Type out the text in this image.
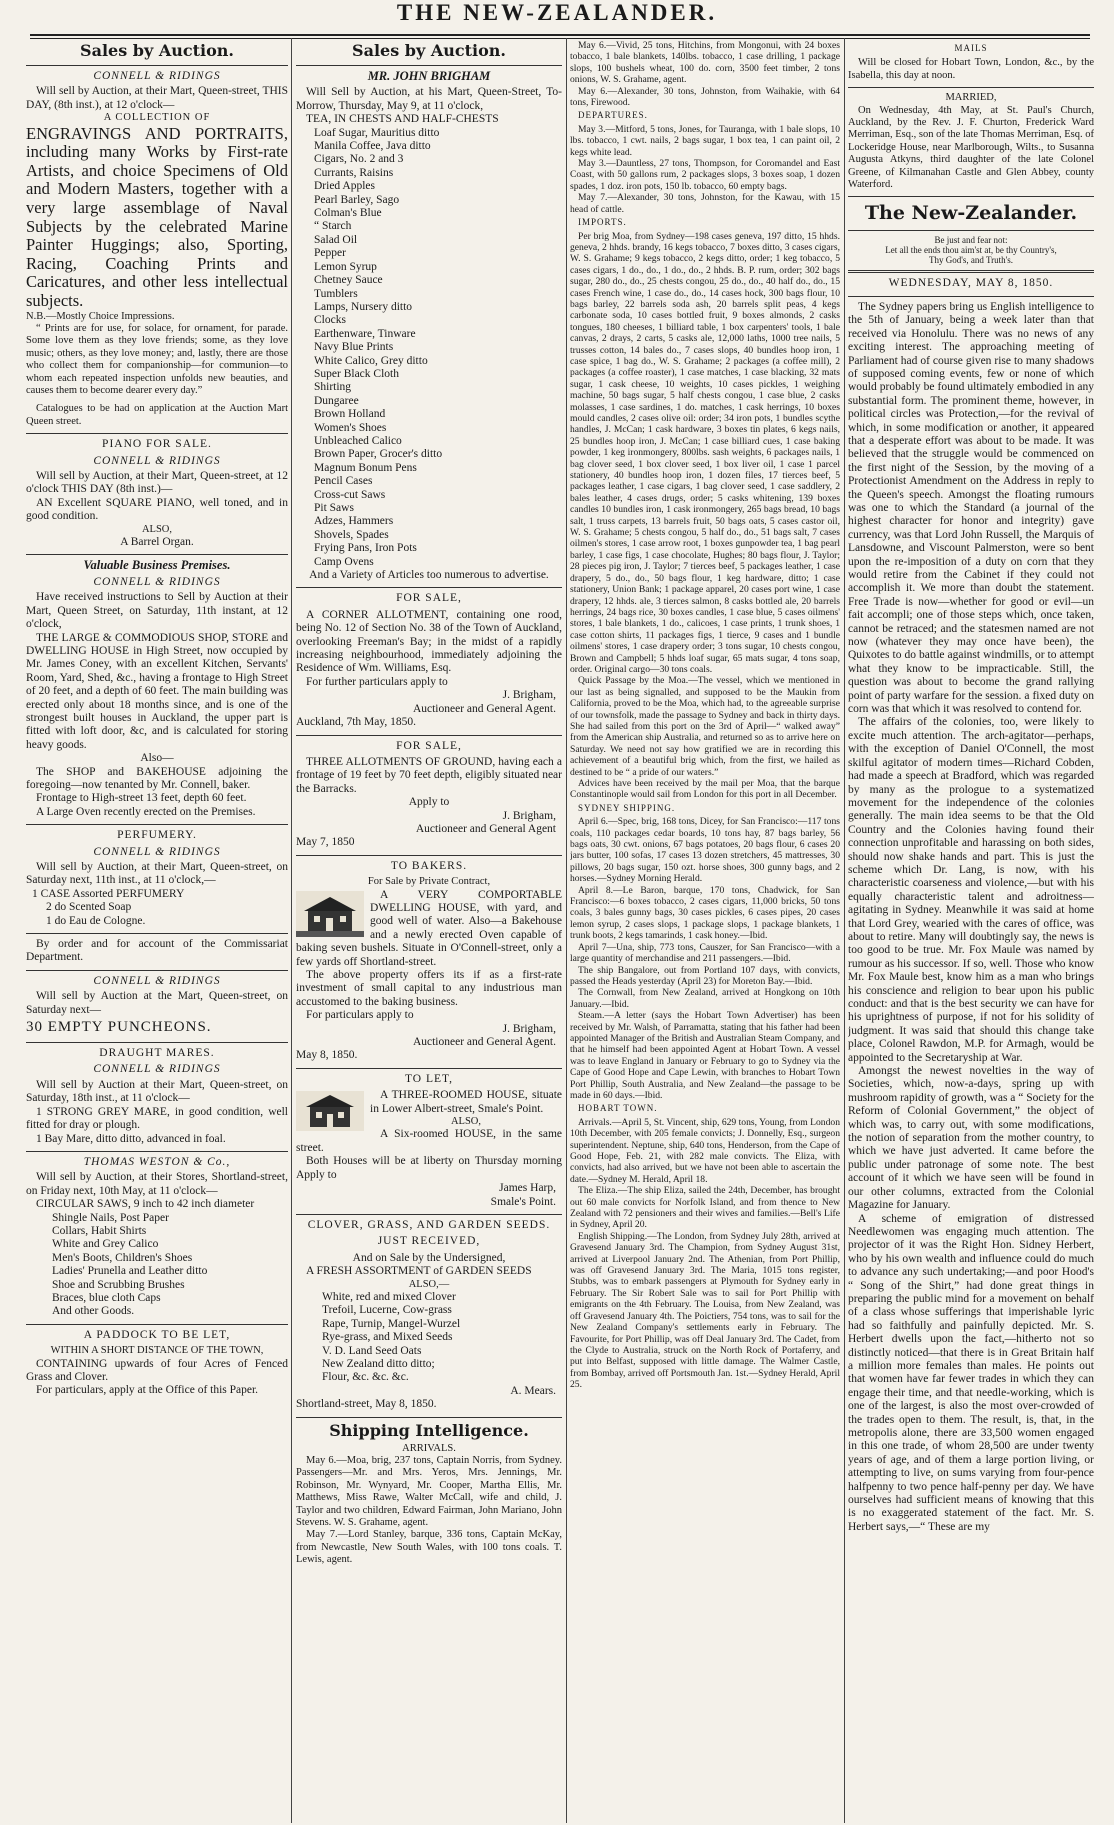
THE NEW-ZEALANDER.
Sales by Auction.

CONNELL & RIDINGS

Will sell by Auction, at their Mart, Queen-street, THIS DAY, (8th inst.), at 12 o'clock—

A COLLECTION OF

ENGRAVINGS AND PORTRAITS, including many Works by First-rate Artists, and choice Specimens of Old and Modern Masters, together with a very large assemblage of Naval Subjects by the celebrated Marine Painter Huggings; also, Sporting, Racing, Coaching Prints and Caricatures, and other less intellectual subjects.

N.B.—Mostly Choice Impressions.

“ Prints are for use, for solace, for ornament, for parade. Some love them as they love friends; some, as they love music; others, as they love money; and, lastly, there are those who collect them for companionship—for communion—to whom each repeated inspection unfolds new beauties, and causes them to become dearer every day.”

Catalogues to be had on application at the Auction Mart Queen street.

PIANO FOR SALE.

CONNELL & RIDINGS

Will sell by Auction, at their Mart, Queen-street, at 12 o'clock THIS DAY (8th inst.)—

AN Excellent SQUARE PIANO, well toned, and in good condition.

ALSO,

A Barrel Organ.

Valuable Business Premises.

CONNELL & RIDINGS

Have received instructions to Sell by Auction at their Mart, Queen Street, on Saturday, 11th instant, at 12 o'clock,

THE LARGE & COMMODIOUS SHOP, STORE and DWELLING HOUSE in High Street, now occupied by Mr. James Coney, with an excellent Kitchen, Servants' Room, Yard, Shed, &c., having a frontage to High Street of 20 feet, and a depth of 60 feet. The main building was erected only about 18 months since, and is one of the strongest built houses in Auckland, the upper part is fitted with loft door, &c, and is calculated for storing heavy goods.

Also—

The SHOP and BAKEHOUSE adjoining the foregoing—now tenanted by Mr. Connell, baker.

Frontage to High-street 13 feet, depth 60 feet.

A Large Oven recently erected on the Premises.

PERFUMERY.

CONNELL & RIDINGS

Will sell by Auction, at their Mart, Queen-street, on Saturday next, 11th inst., at 11 o'clock,—

1 CASE Assorted PERFUMERY

2 do Scented Soap

1 do Eau de Cologne.

By order and for account of the Commissariat Department.

CONNELL & RIDINGS

Will sell by Auction at the Mart, Queen-street, on Saturday next—

30 EMPTY PUNCHEONS.

DRAUGHT MARES.

CONNELL & RIDINGS

Will sell by Auction at their Mart, Queen-street, on Saturday, 18th inst., at 11 o'clock—

1 STRONG GREY MARE, in good condition, well fitted for dray or plough.

1 Bay Mare, ditto ditto, advanced in foal.

THOMAS WESTON & Co.,

Will sell by Auction, at their Stores, Shortland-street, on Friday next, 10th May, at 11 o'clock—

CIRCULAR SAWS, 9 inch to 42 inch diameter

Shingle Nails, Post Paper
Collars, Habit Shirts
White and Grey Calico
Men's Boots, Children's Shoes
Ladies' Prunella and Leather ditto
Shoe and Scrubbing Brushes
Braces, blue cloth Caps
And other Goods.

A PADDOCK TO BE LET,

WITHIN A SHORT DISTANCE OF THE TOWN,

CONTAINING upwards of four Acres of Fenced Grass and Clover.

For particulars, apply at the Office of this Paper.

Sales by Auction.

MR. JOHN BRIGHAM

Will Sell by Auction, at his Mart, Queen-Street, To-Morrow, Thursday, May 9, at 11 o'clock,

TEA, IN CHESTS AND HALF-CHESTS

Loaf Sugar, Mauritius ditto
Manila Coffee, Java ditto
Cigars, No. 2 and 3
Currants, Raisins
Dried Apples
Pearl Barley, Sago
Colman's Blue
“ Starch
Salad Oil
Pepper
Lemon Syrup
Chetney Sauce
Tumblers
Lamps, Nursery ditto
Clocks
Earthenware, Tinware
Navy Blue Prints
White Calico, Grey ditto
Super Black Cloth
Shirting
Dungaree
Brown Holland
Women's Shoes
Unbleached Calico
Brown Paper, Grocer's ditto
Magnum Bonum Pens
Pencil Cases
Cross-cut Saws
Pit Saws
Adzes, Hammers
Shovels, Spades
Frying Pans, Iron Pots
Camp Ovens

And a Variety of Articles too numerous to advertise.

FOR SALE,

A CORNER ALLOTMENT, containing one rood, being No. 12 of Section No. 38 of the Town of Auckland, overlooking Freeman's Bay; in the midst of a rapidly increasing neighbourhood, immediately adjoining the Residence of Wm. Williams, Esq.

For further particulars apply to

J. Brigham,

Auctioneer and General Agent.

Auckland, 7th May, 1850.

FOR SALE,

THREE ALLOTMENTS OF GROUND, having each a frontage of 19 feet by 70 feet depth, eligibly situated near the Barracks.

Apply to

J. Brigham,

Auctioneer and General Agent

May 7, 1850

TO BAKERS.

For Sale by Private Contract,

A VERY COMPORTABLE DWELLING HOUSE, with yard, and good well of water. Also—a Bakehouse and a newly erected Oven capable of baking seven bushels. Situate in O'Connell-street, only a few yards off Shortland-street.

The above property offers its if as a first-rate investment of small capital to any industrious man accustomed to the baking business.

For particulars apply to

J. Brigham,

Auctioneer and General Agent.

May 8, 1850.

TO LET,

A THREE-ROOMED HOUSE, situate in Lower Albert-street, Smale's Point.

ALSO,

A Six-roomed HOUSE, in the same street.

Both Houses will be at liberty on Thursday morning Apply to

James Harp,

Smale's Point.

CLOVER, GRASS, AND GARDEN SEEDS.

JUST RECEIVED,

And on Sale by the Undersigned,

A FRESH ASSORTMENT of GARDEN SEEDS

ALSO,—

White, red and mixed Clover
Trefoil, Lucerne, Cow-grass
Rape, Turnip, Mangel-Wurzel
Rye-grass, and Mixed Seeds
V. D. Land Seed Oats
New Zealand ditto ditto;
Flour, &c. &c. &c.

A. Mears.

Shortland-street, May 8, 1850.

Shipping Intelligence.

ARRIVALS.

May 6.—Moa, brig, 237 tons, Captain Norris, from Sydney. Passengers—Mr. and Mrs. Yeros, Mrs. Jennings, Mr. Robinson, Mr. Wynyard, Mr. Cooper, Martha Ellis, Mr. Matthews, Miss Rawe, Walter McCall, wife and child, J. Taylor and two children, Edward Fairman, John Mariano, John Stevens. W. S. Grahame, agent.

May 7.—Lord Stanley, barque, 336 tons, Captain McKay, from Newcastle, New South Wales, with 100 tons coals. T. Lewis, agent.

May 6.—Vivid, 25 tons, Hitchins, from Mongonui, with 24 boxes tobacco, 1 bale blankets, 140lbs. tobacco, 1 case drilling, 1 package slops, 100 bushels wheat, 100 do. corn, 3500 feet timber, 2 tons onions, W. S. Grahame, agent.

May 6.—Alexander, 30 tons, Johnston, from Waihakie, with 64 tons, Firewood.

DEPARTURES.

May 3.—Mitford, 5 tons, Jones, for Tauranga, with 1 bale slops, 10 lbs. tobacco, 1 cwt. nails, 2 bags sugar, 1 box tea, 1 can paint oil, 2 kegs white lead.

May 3.—Dauntless, 27 tons, Thompson, for Coromandel and East Coast, with 50 gallons rum, 2 packages slops, 3 boxes soap, 1 dozen spades, 1 doz. iron pots, 150 lb. tobacco, 60 empty bags.

May 7.—Alexander, 30 tons, Johnston, for the Kawau, with 15 head of cattle.

IMPORTS.

Per brig Moa, from Sydney—198 cases geneva, 197 ditto, 15 hhds. geneva, 2 hhds. brandy, 16 kegs tobacco, 7 boxes ditto, 3 cases cigars, W. S. Grahame; 9 kegs tobacco, 2 kegs ditto, order; 1 keg tobacco, 5 cases cigars, 1 do., do., 1 do., do., 2 hhds. B. P. rum, order; 302 bags sugar, 280 do., do., 25 chests congou, 25 do., do., 40 half do., do., 15 cases French wine, 1 case do., do., 14 cases hock, 300 bags flour, 10 bags barley, 22 barrels soda ash, 20 barrels split peas, 4 kegs carbonate soda, 10 cases bottled fruit, 9 boxes almonds, 2 casks tongues, 180 cheeses, 1 billiard table, 1 box carpenters' tools, 1 bale canvas, 2 drays, 2 carts, 5 casks ale, 12,000 laths, 1000 tree nails, 5 trusses cotton, 14 bales do., 7 cases slops, 40 bundles hoop iron, 1 case spice, 1 bag do., W. S. Grahame; 2 packages (a coffee mill), 2 packages (a coffee roaster), 1 case matches, 1 case blacking, 32 mats sugar, 1 cask cheese, 10 weights, 10 cases pickles, 1 weighing machine, 50 bags sugar, 5 half chests congou, 1 case blue, 2 casks molasses, 1 case sardines, 1 do. matches, 1 cask herrings, 10 boxes mould candles, 2 cases olive oil: order; 34 iron pots, 1 bundles scythe handles, J. McCan; 1 cask hardware, 3 boxes tin plates, 6 kegs nails, 25 bundles hoop iron, J. McCan; 1 case billiard cues, 1 case baking powder, 1 keg ironmongery, 800lbs. sash weights, 6 packages nails, 1 bag clover seed, 1 box clover seed, 1 box liver oil, 1 case 1 parcel stationery, 40 bundles hoop iron, 1 dozen files, 17 tierces beef, 5 packages leather, 1 case cigars, 1 bag clover seed, 1 case saddlery, 2 bales leather, 4 cases drugs, order; 5 casks whitening, 139 boxes candles 10 bundles iron, 1 cask ironmongery, 265 bags bread, 10 bags salt, 1 truss carpets, 13 barrels fruit, 50 bags oats, 5 cases castor oil, W. S. Grahame; 5 chests congou, 5 half do., do., 51 bags salt, 7 cases oilmen's stores, 1 case arrow root, 1 boxes gunpowder tea, 1 bag pearl barley, 1 case figs, 1 case chocolate, Hughes; 80 bags flour, J. Taylor; 28 pieces pig iron, J. Taylor; 7 tierces beef, 5 packages leather, 1 case drapery, 5 do., do., 50 bags flour, 1 keg hardware, ditto; 1 case stationery, Union Bank; 1 package apparel, 20 cases port wine, 1 case drapery, 12 hhds. ale, 3 tierces salmon, 8 casks bottled ale, 20 barrels herrings, 24 bags rice, 30 boxes candles, 1 case blue, 5 cases oilmens' stores, 1 bale blankets, 1 do., calicoes, 1 case prints, 1 trunk shoes, 1 case cotton shirts, 11 packages figs, 1 tierce, 9 cases and 1 bundle oilmens' stores, 1 case drapery order; 3 tons sugar, 10 chests congou, Brown and Campbell; 5 hhds loaf sugar, 65 mats sugar, 4 tons soap, order. Original cargo—30 tons coals.

Quick Passage by the Moa.—The vessel, which we mentioned in our last as being signalled, and supposed to be the Maukin from California, proved to be the Moa, which had, to the agreeable surprise of our townsfolk, made the passage to Sydney and back in thirty days. She had sailed from this port on the 3rd of April—“ walked away” from the American ship Australia, and returned so as to arrive here on Saturday. We need not say how gratified we are in recording this achievement of a beautiful brig which, from the first, we hailed as destined to be “ a pride of our waters.”

Advices have been received by the mail per Moa, that the barque Constantinople would sail from London for this port in all December.

SYDNEY SHIPPING.

April 6.—Spec, brig, 168 tons, Dicey, for San Francisco:—117 tons coals, 110 packages cedar boards, 10 tons hay, 87 bags barley, 56 bags oats, 30 cwt. onions, 67 bags potatoes, 20 bags flour, 6 cases 20 jars butter, 100 sofas, 17 cases 13 dozen stretchers, 45 mattresses, 30 pillows, 20 bags sugar, 150 ozt. horse shoes, 300 gunny bags, and 2 horses.—Sydney Morning Herald.

April 8.—Le Baron, barque, 170 tons, Chadwick, for San Francisco:—6 boxes tobacco, 2 cases cigars, 11,000 bricks, 50 tons coals, 3 bales gunny bags, 30 cases pickles, 6 cases pipes, 20 cases lemon syrup, 2 cases slops, 1 package slops, 1 package blankets, 1 trunk boots, 2 kegs tamarinds, 1 cask honey.—Ibid.

April 7—Una, ship, 773 tons, Causzer, for San Francisco—with a large quantity of merchandise and 211 passengers.—Ibid.

The ship Bangalore, out from Portland 107 days, with convicts, passed the Heads yesterday (April 23) for Moreton Bay.—Ibid.

The Cornwall, from New Zealand, arrived at Hongkong on 10th January.—Ibid.

Steam.—A letter (says the Hobart Town Advertiser) has been received by Mr. Walsh, of Parramatta, stating that his father had been appointed Manager of the British and Australian Steam Company, and that he himself had been appointed Agent at Hobart Town. A vessel was to leave England in January or February to go to Sydney via the Cape of Good Hope and Cape Lewin, with branches to Hobart Town Port Phillip, South Australia, and New Zealand—the passage to be made in 60 days.—Ibid.

HOBART TOWN.

Arrivals.—April 5, St. Vincent, ship, 629 tons, Young, from London 10th December, with 205 female convicts; J. Donnelly, Esq., surgeon superintendent. Neptune, ship, 640 tons, Henderson, from the Cape of Good Hope, Feb. 21, with 282 male convicts. The Eliza, with convicts, had also arrived, but we have not been able to ascertain the date.—Sydney M. Herald, April 18.

The Eliza.—The ship Eliza, sailed the 24th, December, has brought out 60 male convicts for Norfolk Island, and from thence to New Zealand with 72 pensioners and their wives and families.—Bell's Life in Sydney, April 20.

English Shipping.—The London, from Sydney July 28th, arrived at Gravesend January 3rd. The Champion, from Sydney August 31st, arrived at Liverpool January 2nd. The Athenian, from Port Phillip, was off Gravesend January 3rd. The Maria, 1015 tons register, Stubbs, was to embark passengers at Plymouth for Sydney early in February. The Sir Robert Sale was to sail for Port Phillip with emigrants on the 4th February. The Louisa, from New Zealand, was off Gravesend January 4th. The Poictiers, 754 tons, was to sail for the New Zealand Company's settlements early in February. The Favourite, for Port Phillip, was off Deal January 3rd. The Cadet, from the Clyde to Australia, struck on the North Rock of Portaferry, and put into Belfast, supposed with little damage. The Walmer Castle, from Bombay, arrived off Portsmouth Jan. 1st.—Sydney Herald, April 25.

MAILS

Will be closed for Hobart Town, London, &c., by the Isabella, this day at noon.

MARRIED,

On Wednesday, 4th May, at St. Paul's Church, Auckland, by the Rev. J. F. Churton, Frederick Ward Merriman, Esq., son of the late Thomas Merriman, Esq. of Lockeridge House, near Marlborough, Wilts., to Susanna Augusta Atkyns, third daughter of the late Colonel Greene, of Kilmanahan Castle and Glen Abbey, county Waterford.

The New-Zealander.

Be just and fear not:

Let all the ends thou aim'st at, be thy Country's,

Thy God's, and Truth's.

WEDNESDAY, MAY 8, 1850.

The Sydney papers bring us English intelligence to the 5th of January, being a week later than that received via Honolulu. There was no news of any exciting interest. The approaching meeting of Parliament had of course given rise to many shadows of supposed coming events, few or none of which would probably be found ultimately embodied in any substantial form. The prominent theme, however, in political circles was Protection,—for the revival of which, in some modification or another, it appeared that a desperate effort was about to be made. It was believed that the struggle would be commenced on the first night of the Session, by the moving of a Protectionist Amendment on the Address in reply to the Queen's speech. Amongst the floating rumours was one to which the Standard (a journal of the highest character for honor and integrity) gave currency, was that Lord John Russell, the Marquis of Lansdowne, and Viscount Palmerston, were so bent upon the re-imposition of a duty on corn that they would retire from the Cabinet if they could not accomplish it. We more than doubt the statement. Free Trade is now—whether for good or evil—un fait accompli; one of those steps which, once taken, cannot be retraced; and the statesmen named are not now (whatever they may once have been), the Quixotes to do battle against windmills, or to attempt what they know to be impracticable. Still, the question was about to become the grand rallying point of party warfare for the session. a fixed duty on corn was that which it was resolved to contend for.

The affairs of the colonies, too, were likely to excite much attention. The arch-agitator—perhaps, with the exception of Daniel O'Connell, the most skilful agitator of modern times—Richard Cobden, had made a speech at Bradford, which was regarded by many as the prologue to a systematized movement for the independence of the colonies generally. The main idea seems to be that the Old Country and the Colonies having found their connection unprofitable and harassing on both sides, should now shake hands and part. This is just the scheme which Dr. Lang, is now, with his characteristic coarseness and violence,—but with his equally characteristic talent and adroitness—agitating in Sydney. Meanwhile it was said at home that Lord Grey, wearied with the cares of office, was about to retire. Many will doubtingly say, the news is too good to be true. Mr. Fox Maule was named by rumour as his successor. If so, well. Those who know Mr. Fox Maule best, know him as a man who brings his conscience and religion to bear upon his public conduct: and that is the best security we can have for his uprightness of purpose, if not for his solidity of judgment. It was said that should this change take place, Colonel Rawdon, M.P. for Armagh, would be appointed to the Secretaryship at War.

Amongst the newest novelties in the way of Societies, which, now-a-days, spring up with mushroom rapidity of growth, was a “ Society for the Reform of Colonial Government,” the object of which was, to carry out, with some modifications, the notion of separation from the mother country, to which we have just adverted. It came before the public under patronage of some note. The best account of it which we have seen will be found in our other columns, extracted from the Colonial Magazine for January.

A scheme of emigration of distressed Needlewomen was engaging much attention. The projector of it was the Right Hon. Sidney Herbert, who by his own wealth and influence could do much to advance any such undertaking;—and poor Hood's “ Song of the Shirt,” had done great things in preparing the public mind for a movement on behalf of a class whose sufferings that imperishable lyric had so faithfully and painfully depicted. Mr. S. Herbert dwells upon the fact,—hitherto not so distinctly noticed—that there is in Great Britain half a million more females than males. He points out that women have far fewer trades in which they can engage their time, and that needle-working, which is one of the largest, is also the most over-crowded of the trades open to them. The result, is, that, in the metropolis alone, there are 33,500 women engaged in this one trade, of whom 28,500 are under twenty years of age, and of them a large portion living, or attempting to live, on sums varying from four-pence halfpenny to two pence half-penny per day. We have ourselves had sufficient means of knowing that this is no exaggerated statement of the fact. Mr. S. Herbert says,—“ These are my
